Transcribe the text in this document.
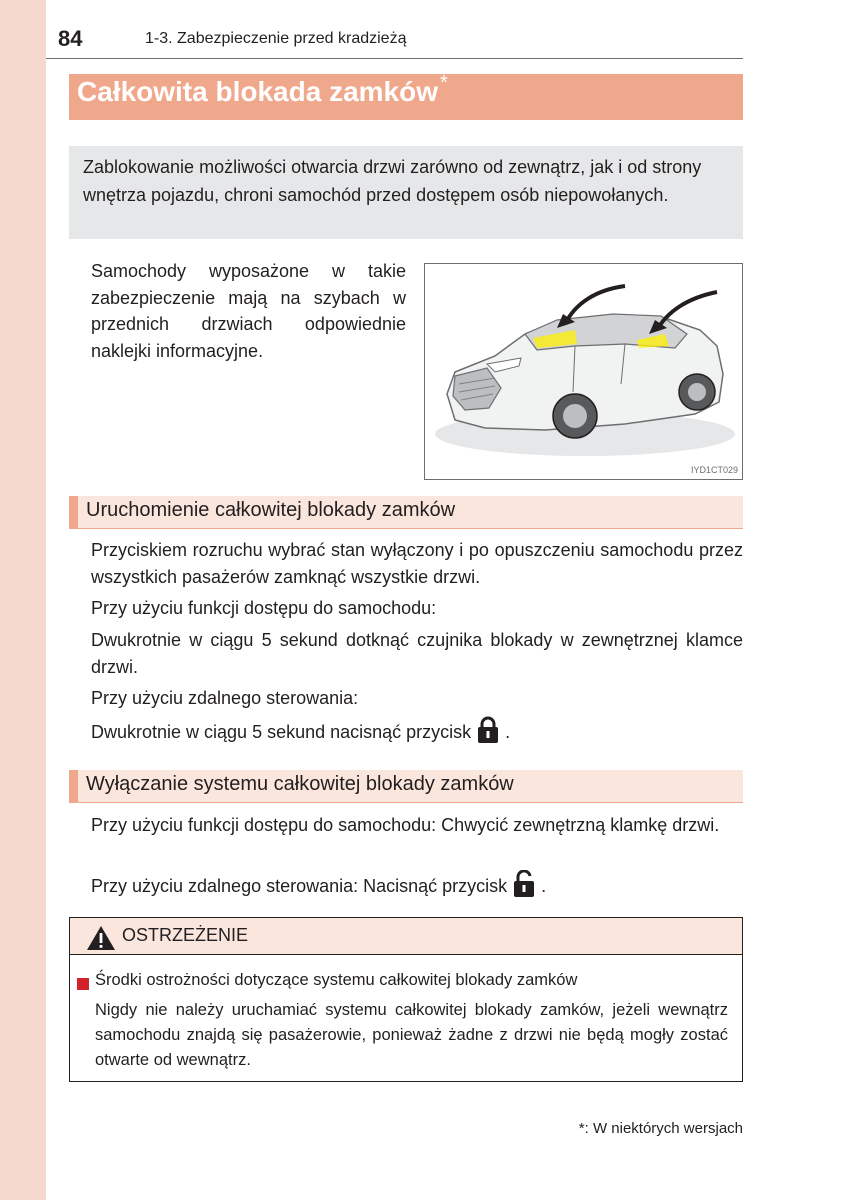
84	1-3. Zabezpieczenie przed kradzieżą
Całkowita blokada zamków *

Zablokowanie możliwości otwarcia drzwi zarówno od zewnątrz, jak i od strony wnętrza pojazdu, chroni samochód przed dostępem osób niepowołanych.

Samochody wyposażone w takie zabezpieczenie mają na szybach w przednich drzwiach odpowiednie naklejki informacyjne.
IYD1CT029
Uruchomienie całkowitej blokady zamków

Przyciskiem rozruchu wybrać stan wyłączony i po opuszczeniu samochodu przez wszystkich pasażerów zamknąć wszystkie drzwi.

Przy użyciu funkcji dostępu do samochodu:

Dwukrotnie w ciągu 5 sekund dotknąć czujnika blokady w zewnętrznej klamce drzwi.

Przy użyciu zdalnego sterowania:

Dwukrotnie w ciągu 5 sekund nacisnąć przycisk .

Wyłączanie systemu całkowitej blokady zamków

Przy użyciu funkcji dostępu do samochodu: Chwycić zewnętrzną klamkę drzwi.

Przy użyciu zdalnego sterowania: Nacisnąć przycisk .

OSTRZEŻENIE
Środki ostrożności dotyczące systemu całkowitej blokady zamków

Nigdy nie należy uruchamiać systemu całkowitej blokady zamków, jeżeli wewnątrz samochodu znajdą się pasażerowie, ponieważ żadne z drzwi nie będą mogły zostać otwarte od wewnątrz.

*: W niektórych wersjach
